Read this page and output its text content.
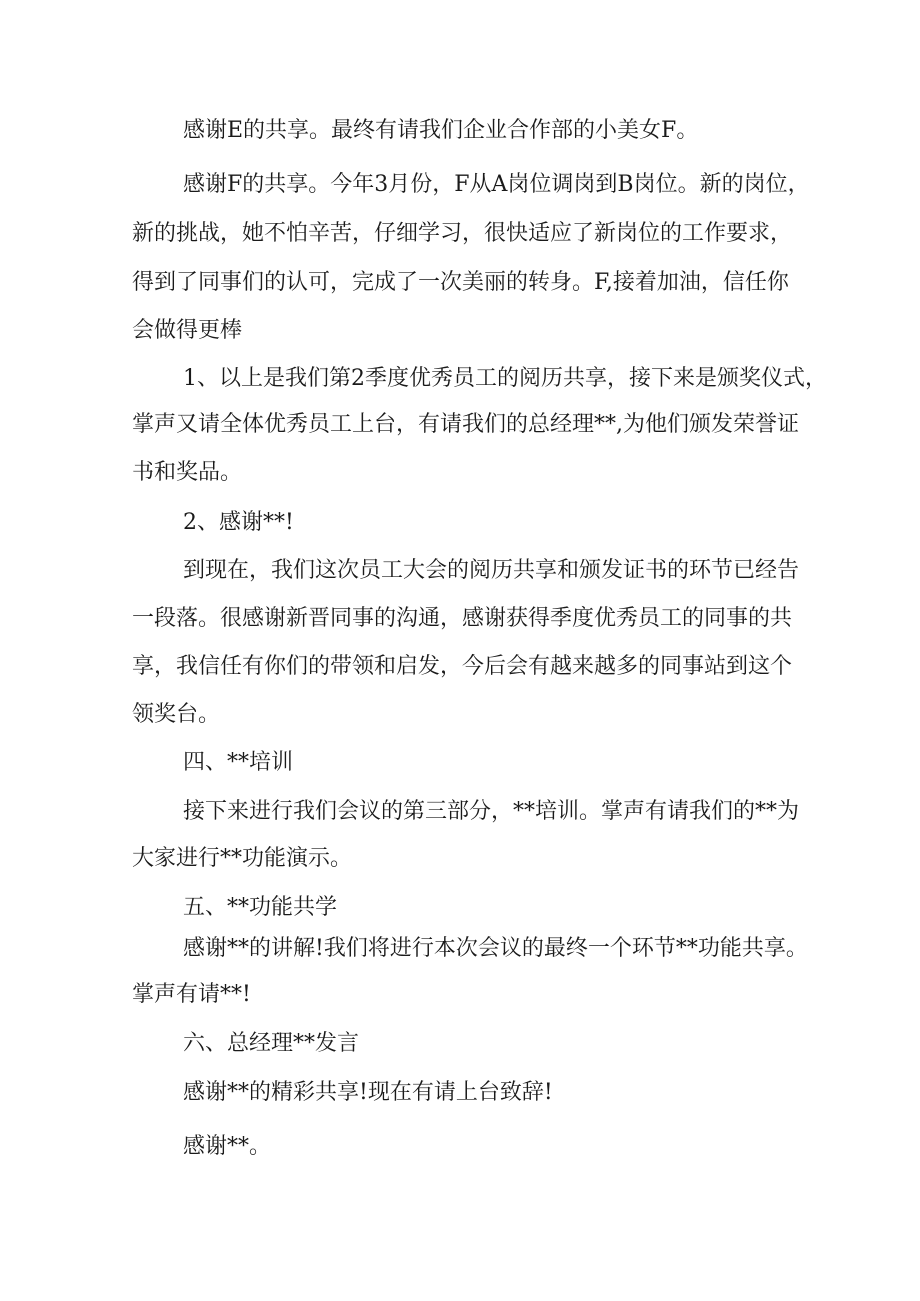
感谢E的共享。最终有请我们企业合作部的小美女F。

感谢F的共享。今年3月份，F从A岗位调岗到B岗位。新的岗位，

新的挑战，她不怕辛苦，仔细学习，很快适应了新岗位的工作要求，

得到了同事们的认可，完成了一次美丽的转身。F,接着加油，信任你

会做得更棒

1、以上是我们第2季度优秀员工的阅历共享，接下来是颁奖仪式，

掌声又请全体优秀员工上台，有请我们的总经理**,为他们颁发荣誉证

书和奖品。

2、感谢**!

到现在，我们这次员工大会的阅历共享和颁发证书的环节已经告

一段落。很感谢新晋同事的沟通，感谢获得季度优秀员工的同事的共

享，我信任有你们的带领和启发，今后会有越来越多的同事站到这个

领奖台。

四、**培训

接下来进行我们会议的第三部分，**培训。掌声有请我们的**为

大家进行**功能演示。

五、**功能共学

感谢**的讲解!我们将进行本次会议的最终一个环节**功能共享。

掌声有请**!

六、总经理**发言

感谢**的精彩共享!现在有请上台致辞!

感谢**。
